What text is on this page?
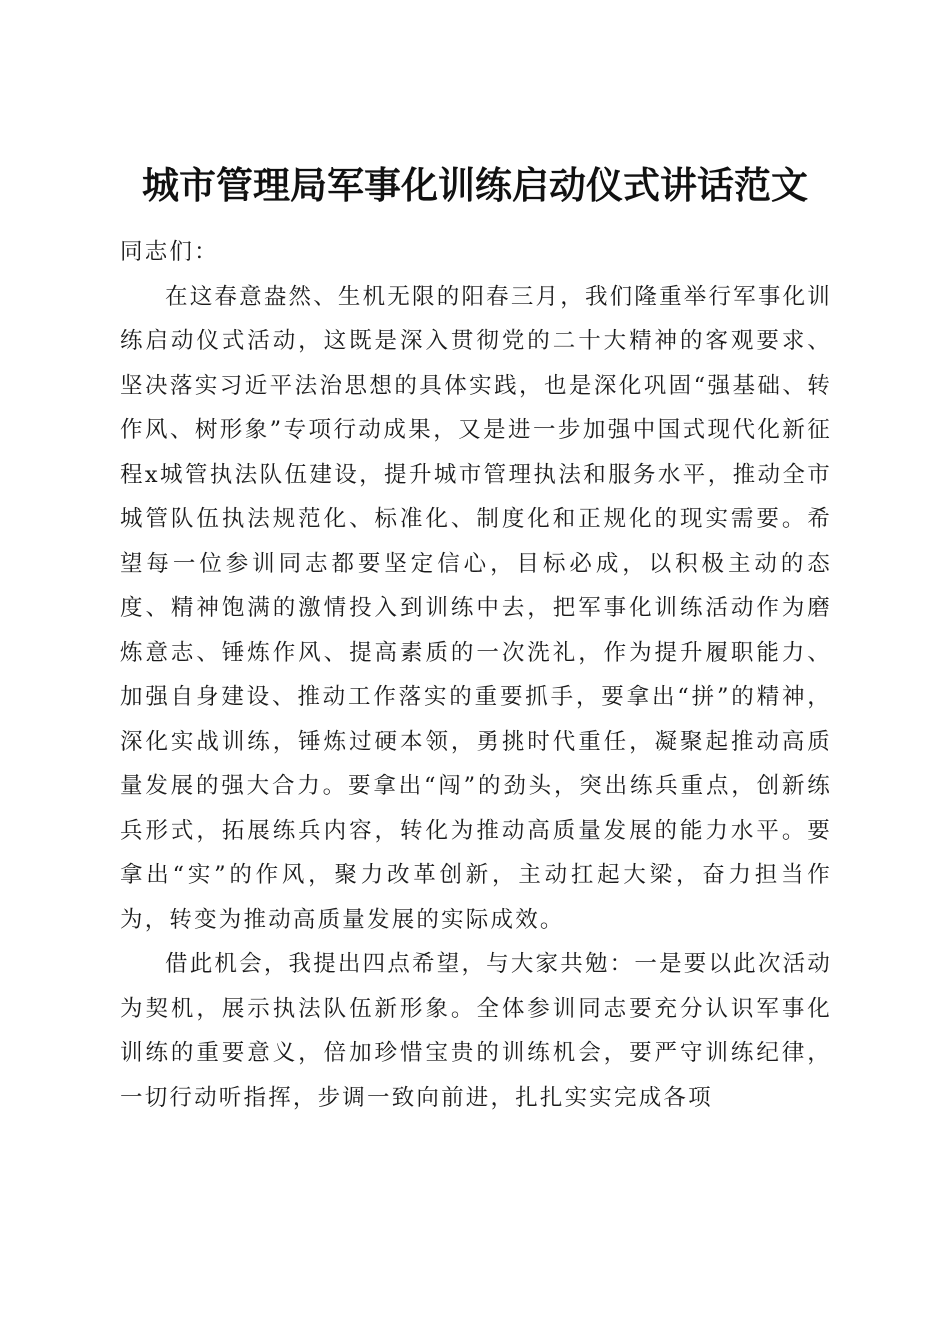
城市管理局军事化训练启动仪式讲话范文

同志们：

在这春意盎然、生机无限的阳春三月，我们隆重举行军事化训练启动仪式活动，这既是深入贯彻党的二十大精神的客观要求、坚决落实习近平法治思想的具体实践，也是深化巩固“强基础、转作风、树形象”专项行动成果，又是进一步加强中国式现代化新征程x城管执法队伍建设，提升城市管理执法和服务水平，推动全市城管队伍执法规范化、标准化、制度化和正规化的现实需要。希望每一位参训同志都要坚定信心，目标必成，以积极主动的态度、精神饱满的激情投入到训练中去，把军事化训练活动作为磨炼意志、锤炼作风、提高素质的一次洗礼，作为提升履职能力、加强自身建设、推动工作落实的重要抓手，要拿出“拼”的精神，深化实战训练，锤炼过硬本领，勇挑时代重任，凝聚起推动高质量发展的强大合力。要拿出“闯”的劲头，突出练兵重点，创新练兵形式，拓展练兵内容，转化为推动高质量发展的能力水平。要拿出“实”的作风，聚力改革创新，主动扛起大梁，奋力担当作为，转变为推动高质量发展的实际成效。

借此机会，我提出四点希望，与大家共勉：一是要以此次活动为契机，展示执法队伍新形象。全体参训同志要充分认识军事化训练的重要意义，倍加珍惜宝贵的训练机会，要严守训练纪律，一切行动听指挥，步调一致向前进，扎扎实实完成各项
